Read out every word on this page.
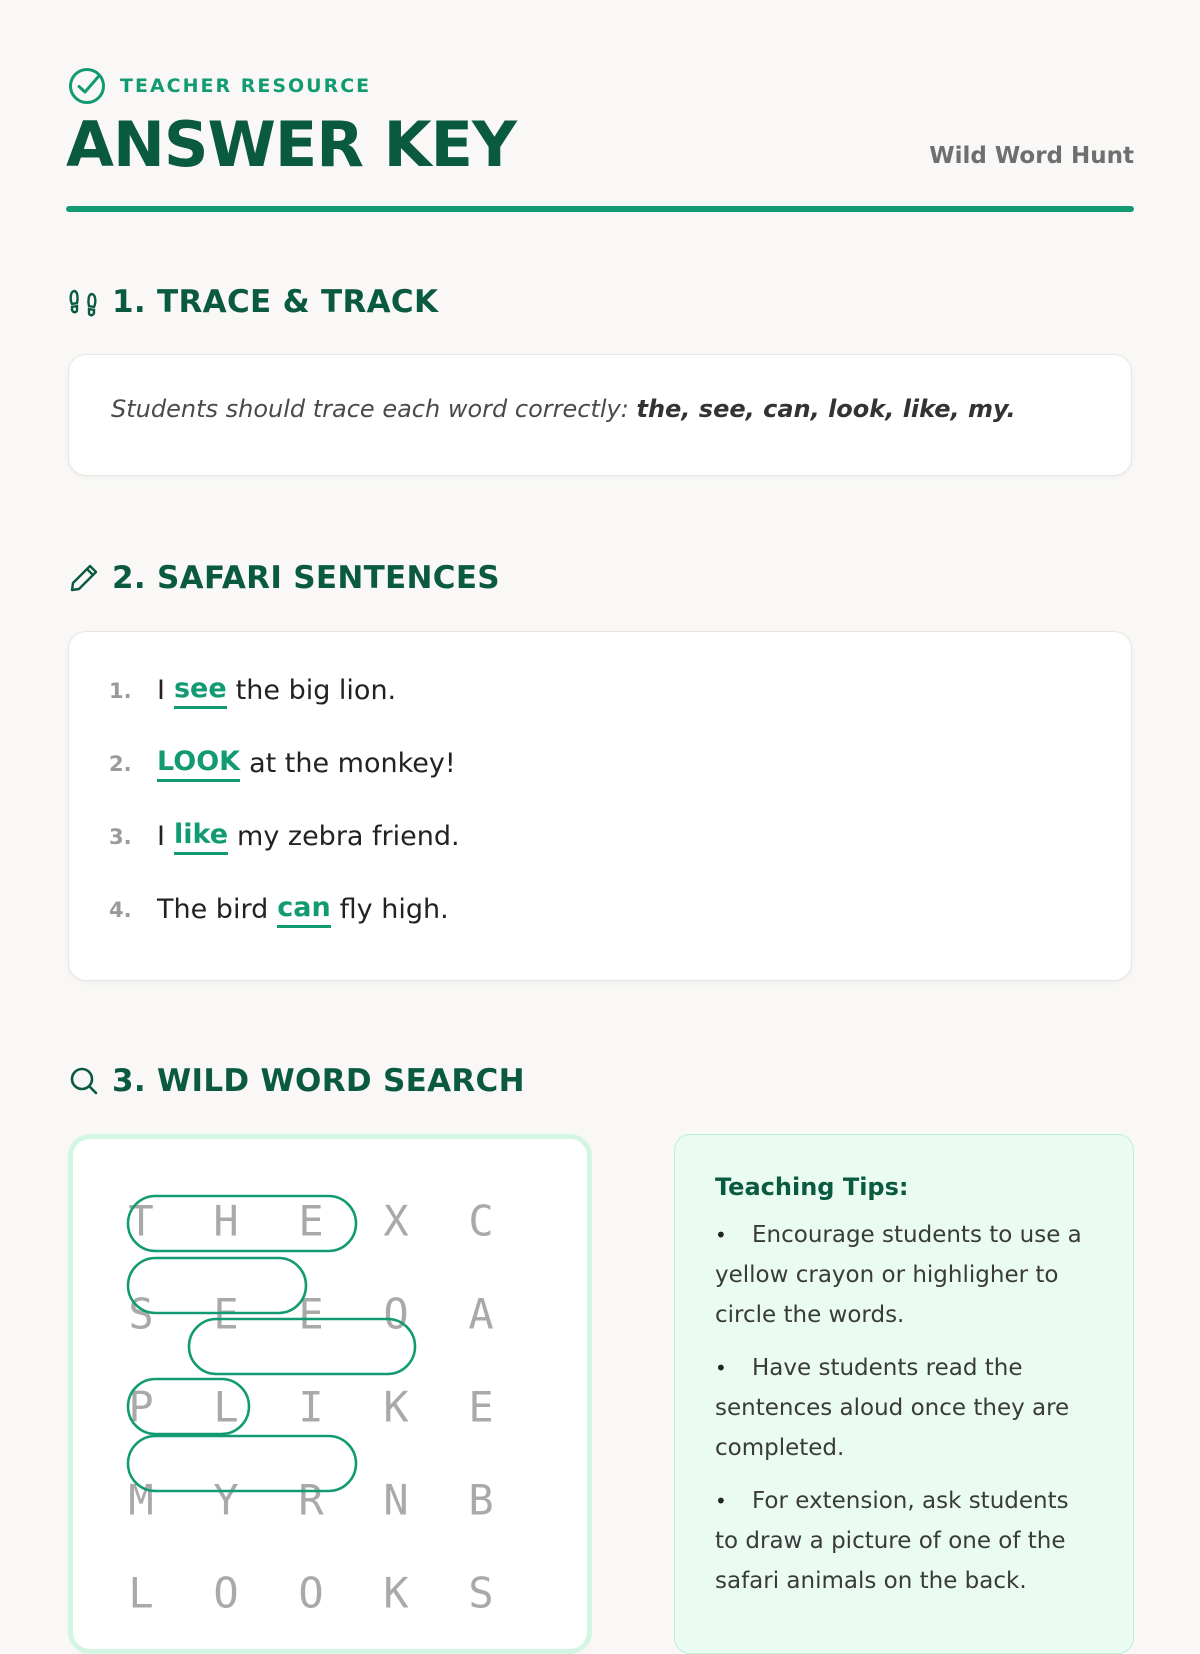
TEACHER RESOURCE
ANSWER KEY	Wild Word Hunt
1. TRACE & TRACK
Students should trace each word correctly: the, see, can, look, like, my.
2. SAFARI SENTENCES
1. I see the big lion.
2. LOOK at the monkey!
3. I like my zebra friend.
4. The bird can fly high.
3. WILD WORD SEARCH
T H E X C
S E E O A
P L I K E
M Y R N B
L O O K S
Teaching Tips:
• Encourage students to use a yellow crayon or highligher to circle the words.
• Have students read the sentences aloud once they are completed.
• For extension, ask students to draw a picture of one of the safari animals on the back.
